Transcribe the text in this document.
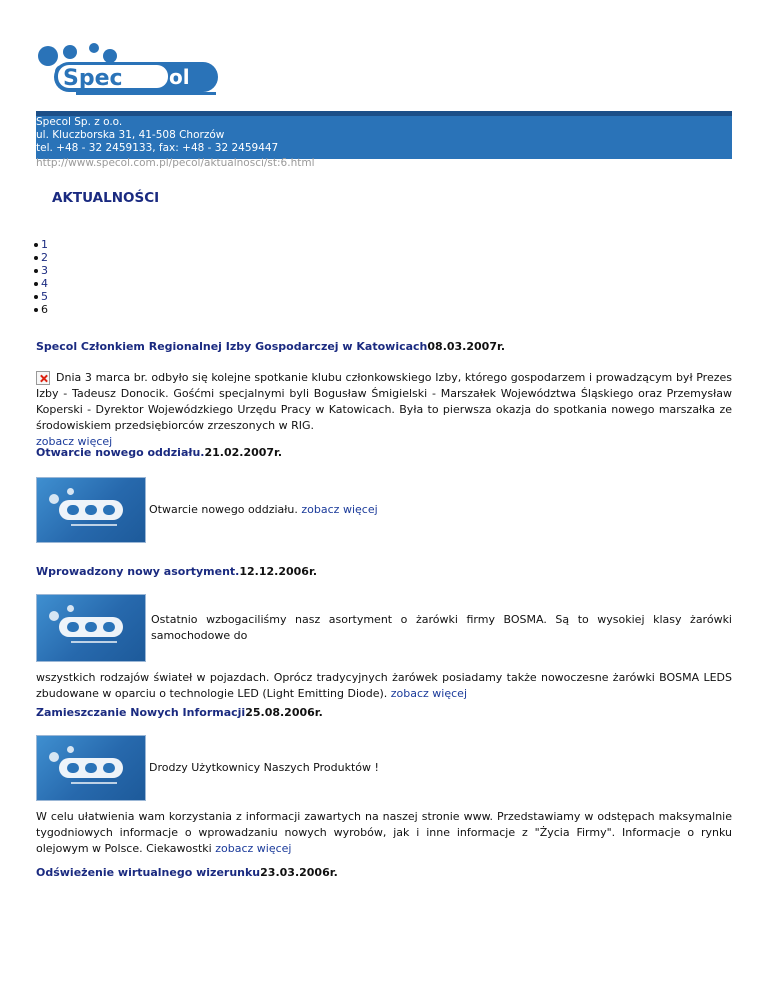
Spec ol
Specol Sp. z o.o.
ul. Kluczborska 31, 41-508 Chorzów
tel. +48 - 32 2459133, fax: +48 - 32 2459447
http://www.specol.com.pl/pecol/aktualnosci/st:6.html
AKTUALNOŚCI
1
2
3
4
5
6

Specol Członkiem Regionalnej Izby Gospodarczej w Katowicach08.03.2007r.

Dnia 3 marca br. odbyło się kolejne spotkanie klubu członkowskiego Izby, którego gospodarzem i prowadzącym był Prezes Izby - Tadeusz Donocik. Gośćmi specjalnymi byli Bogusław Śmigielski - Marszałek Województwa Śląskiego oraz Przemysław Koperski - Dyrektor Wojewódzkiego Urzędu Pracy w Katowicach. Była to pierwsza okazja do spotkania nowego marszałka ze środowiskiem przedsiębiorców zrzeszonych w RIG.
zobacz więcej

Otwarcie nowego oddziału.21.02.2007r.

Otwarcie nowego oddziału. zobacz więcej

Wprowadzony nowy asortyment.12.12.2006r.

Ostatnio wzbogaciliśmy nasz asortyment o żarówki firmy BOSMA. Są to wysokiej klasy żarówki samochodowe do
wszystkich rodzajów świateł w pojazdach. Oprócz tradycyjnych żarówek posiadamy także nowoczesne żarówki BOSMA LEDS zbudowane w oparciu o technologie LED (Light Emitting Diode). zobacz więcej

Zamieszczanie Nowych Informacji25.08.2006r.

Drodzy Użytkownicy Naszych Produktów !
W celu ułatwienia wam korzystania z informacji zawartych na naszej stronie www. Przedstawiamy w odstępach maksymalnie tygodniowych informacje o wprowadzaniu nowych wyrobów, jak i inne informacje z "Życia Firmy". Informacje o rynku olejowym w Polsce. Ciekawostki zobacz więcej

Odświeżenie wirtualnego wizerunku23.03.2006r.
